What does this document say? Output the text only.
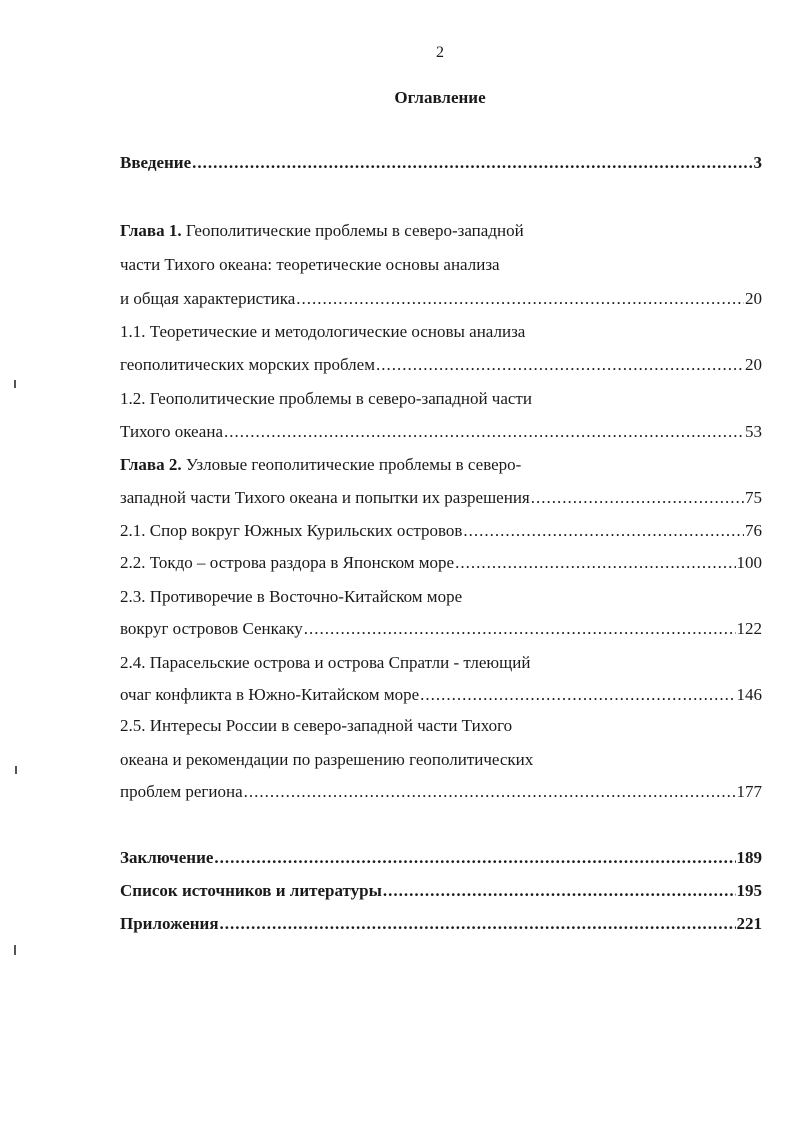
2
Оглавление
Введение .....	3
Глава 1. Геополитические проблемы в северо-западной
части Тихого океана: теоретические основы анализа
и общая характеристика .....	20
1.1. Теоретические и методологические основы анализа
геополитических морских проблем .....	20
1.2. Геополитические проблемы в северо-западной части
Тихого океана .....	53
Глава 2. Узловые геополитические проблемы в северо-
западной части Тихого океана и попытки их разрешения .....	75
2.1. Спор вокруг Южных Курильских островов .....	76
2.2. Токдо – острова раздора в Японском море .....	100
2.3. Противоречие в Восточно-Китайском море
вокруг островов Сенкаку .....	122
2.4. Парасельские острова и острова Спратли - тлеющий
очаг конфликта в Южно-Китайском море .....	146
2.5. Интересы России в северо-западной части Тихого
океана и рекомендации по разрешению геополитических
проблем региона .....	177
Заключение .....	189
Список источников и литературы .....	195
Приложения .....	221
